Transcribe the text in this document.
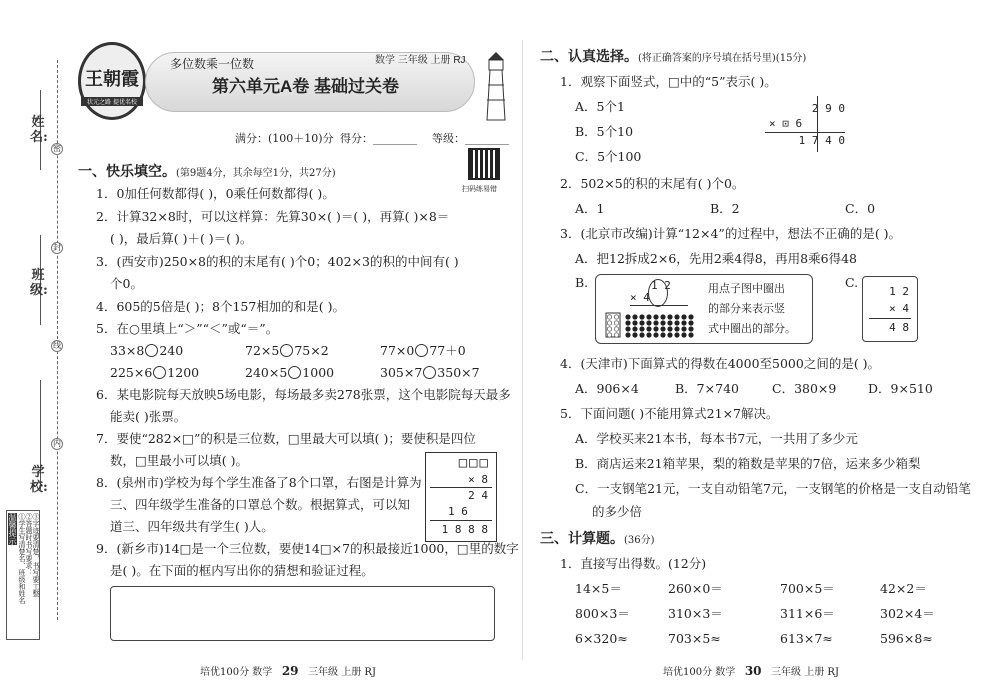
姓名:
班级:
学校:
密
封
线
内
温馨提示 ①学生写清楚名、班级和姓名 ②答题时书写要求： ③字迹要清楚，书写要工整
王朝霞
状元之路 提优名校
多位数乘一位数	数学 三年级 上册 RJ
第六单元A卷 基础过关卷
满分：(100＋10)分 得分：________ 等级：________
扫码练易错
一、快乐填空。(第9题4分，其余每空1分，共27分)
1．0加任何数都得( )，0乘任何数都得( )。
2．计算32×8时，可以这样算：先算30×( )＝( )，再算( )×8＝
( )，最后算( )＋( )＝( )。
3．(西安市)250×8的积的末尾有( )个0；402×3的积的中间有( )
个0。
4．605的5倍是( )；8个157相加的和是( )。
5．在○里填上“＞”“＜”或“＝”。
33×8 240	72×5 75×2	77×0 77＋0
225×6 1200	240×5 1000	305×7 350×7
6．某电影院每天放映5场电影，每场最多卖278张票，这个电影院每天最多
能卖( )张票。
7．要使“282×□”的积是三位数，□里最大可以填( )；要使积是四位
数，□里最小可以填( )。
8．(泉州市)学校为每个学生准备了8个口罩，右图是计算为
三、四年级学生准备的口罩总个数。根据算式，可以知
道三、四年级共有学生( )人。
□□□
× 8
2 4
1 6
1 8 8 8
9．(新乡市)14□是一个三位数，要使14□×7的积最接近1000，□里的数字
是( )。在下面的框内写出你的猜想和验证过程。
二、认真选择。(将正确答案的序号填在括号里)(15分)
1．观察下面竖式，□中的“5”表示( )。
A．5个1
B．5个10
C．5个100
2 9 0
× ⊡ 6
1 7 4 0
2．502×5的积的末尾有( )个0。
A．1	B．2	C．0
3．(北京市改编)计算“12×4”的过程中，想法不正确的是( )。
A．把12拆成2×6，先用2乘4得8，再用8乘6得48
B.	1 2
× 4
用点子图中圈出
的部分来表示竖
式中圈出的部分。
C.
1 2
× 4
4 8
4．(天津市)下面算式的得数在4000至5000之间的是( )。
A．906×4	B．7×740	C．380×9	D．9×510
5．下面问题( )不能用算式21×7解决。
A．学校买来21本书，每本书7元，一共用了多少元
B．商店运来21箱苹果，梨的箱数是苹果的7倍，运来多少箱梨
C．一支钢笔21元，一支自动铅笔7元，一支钢笔的价格是一支自动铅笔
的多少倍
三、计算题。(36分)
1．直接写出得数。(12分)
14×5＝	260×0＝	700×5＝	42×2＝
800×3＝	310×3＝	311×6＝	302×4＝
6×320≈	703×5≈	613×7≈	596×8≈
培优100分 数学 29 三年级 上册 RJ	培优100分 数学 30 三年级 上册 RJ
